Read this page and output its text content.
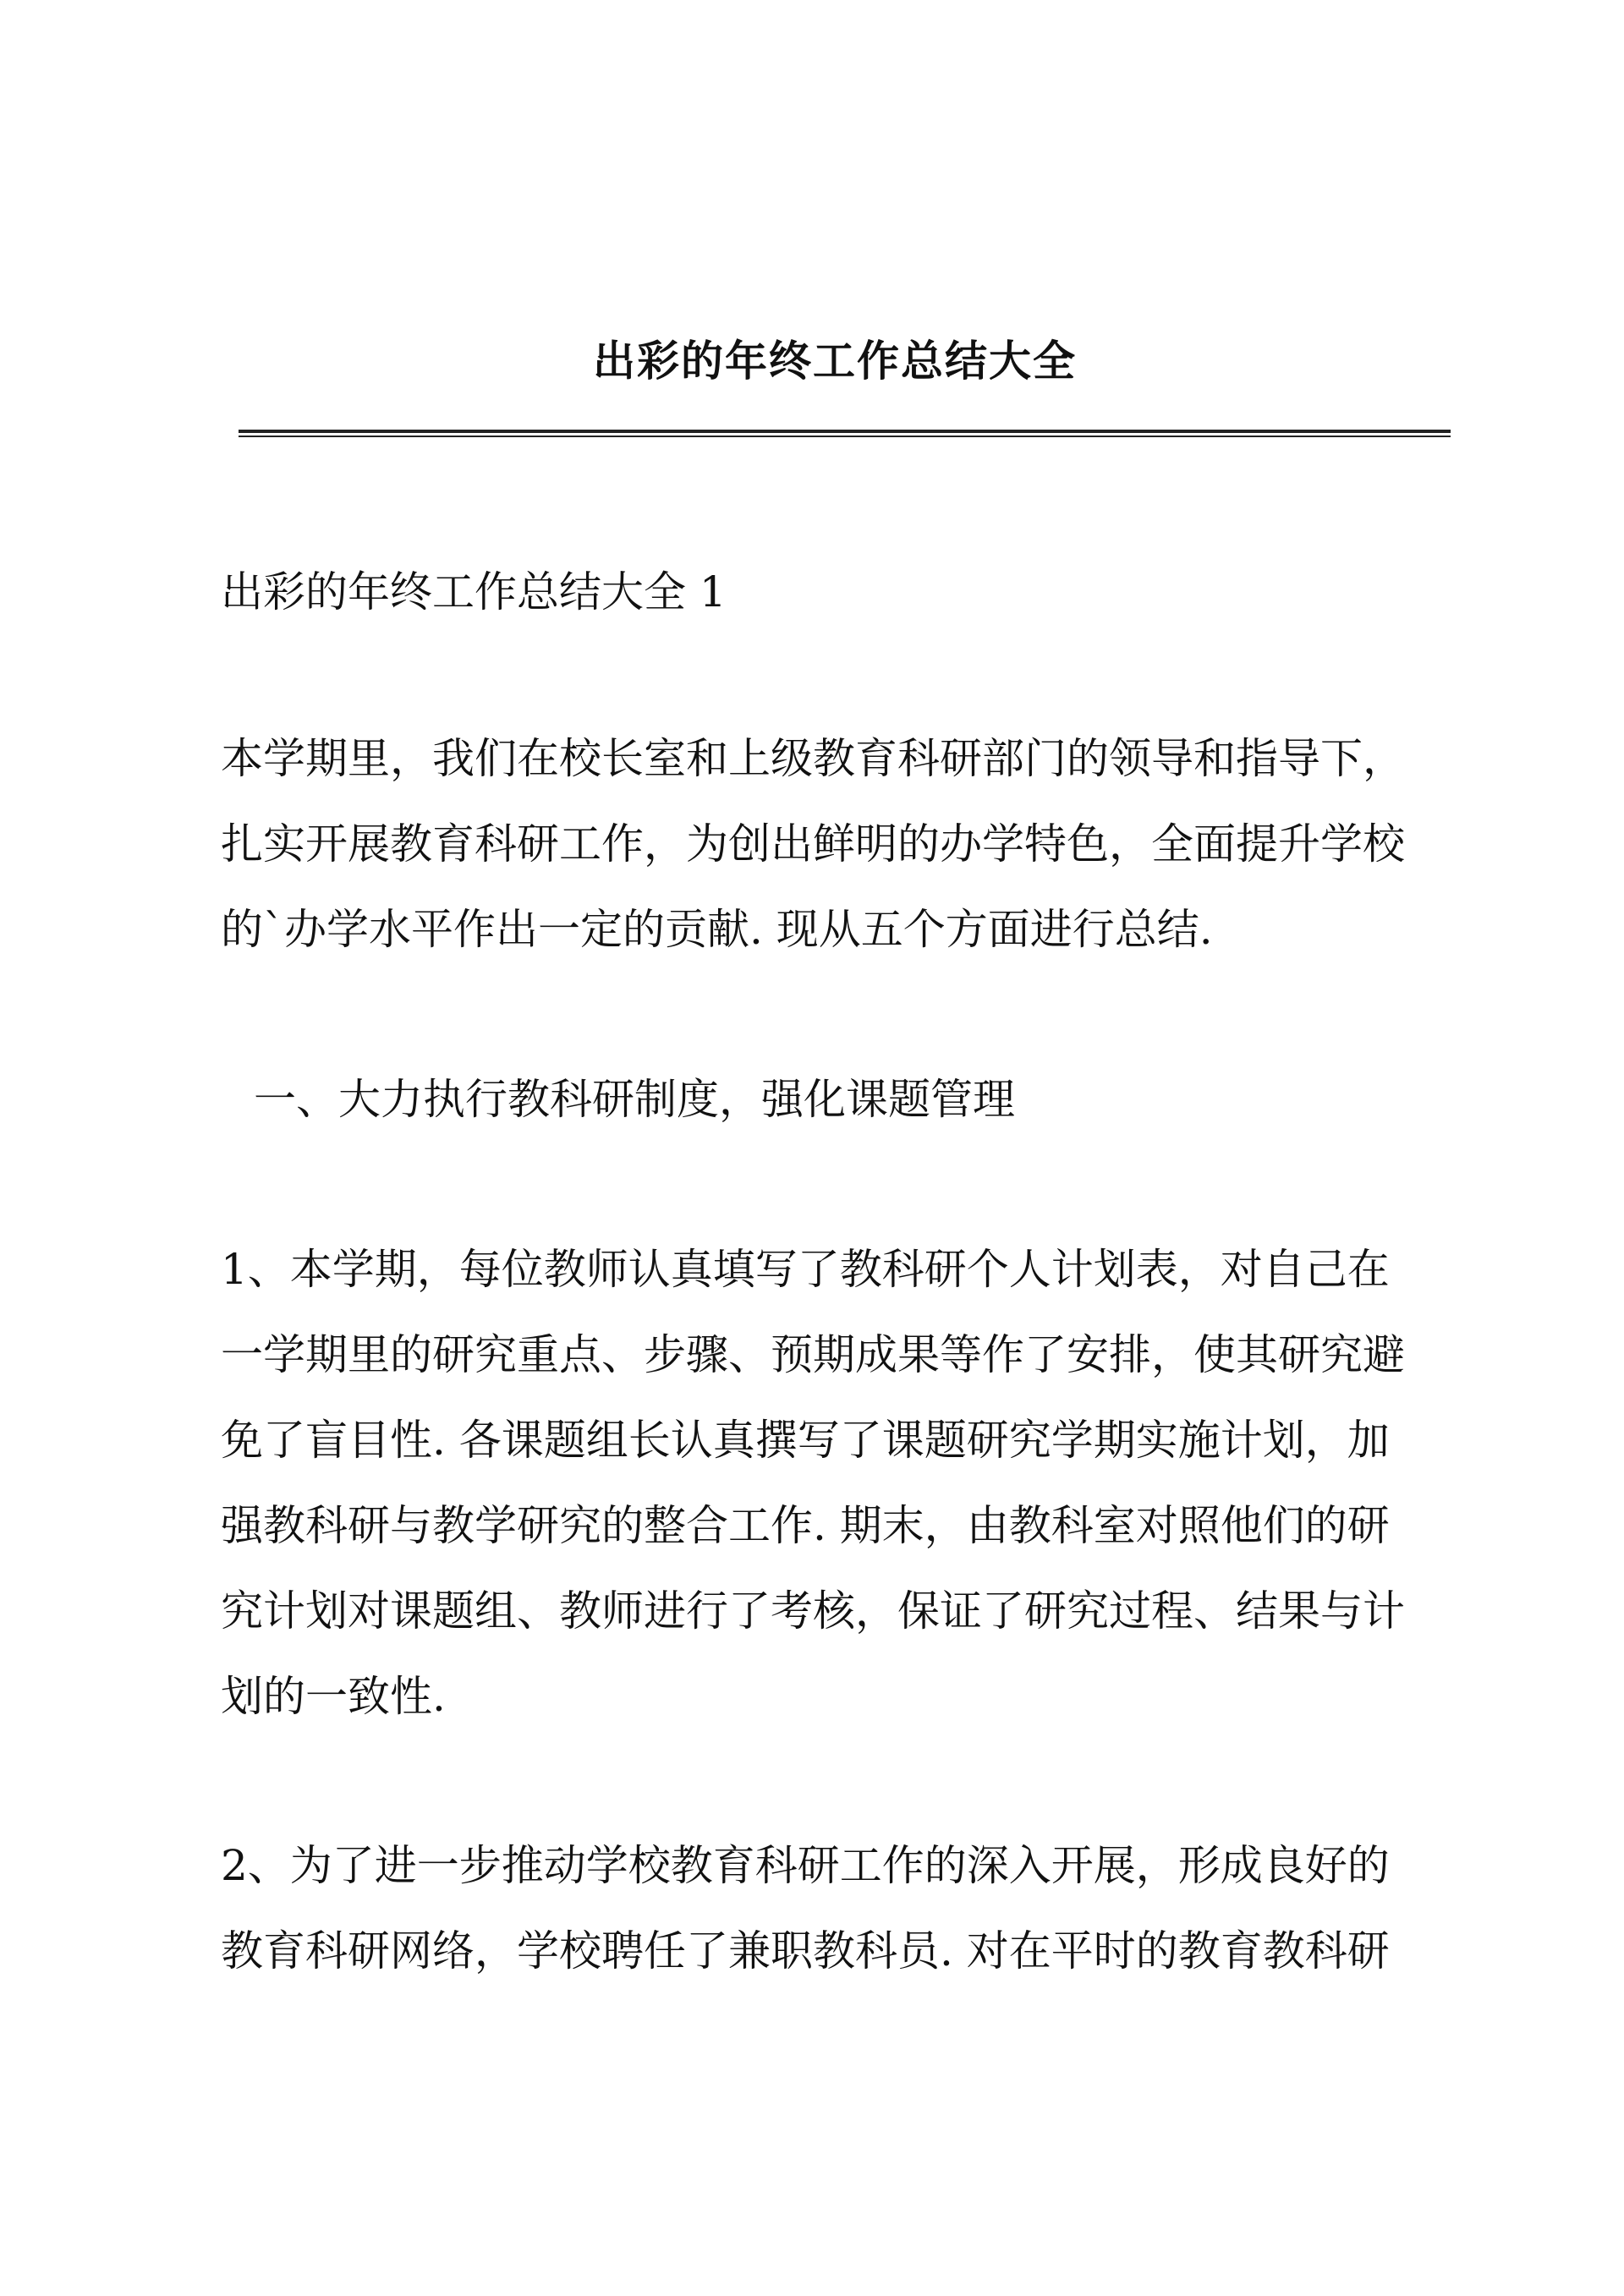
出彩的年终工作总结大全

出彩的年终工作总结大全 1

本学期里，我们在校长室和上级教育科研部门的领导和指导下，

扎实开展教育科研工作，为创出鲜明的办学特色，全面提升学校

的`办学水平作出一定的贡献. 现从五个方面进行总结.

一、大力执行教科研制度，强化课题管理

1、本学期，每位教师认真填写了教科研个人计划表，对自己在

一学期里的研究重点、步骤、预期成果等作了安排，使其研究避

免了盲目性. 各课题组长认真撰写了课题研究学期实施计划，加

强教科研与教学研究的整合工作. 期末，由教科室对照他们的研

究计划对课题组、教师进行了考核，保证了研究过程、结果与计

划的一致性.

2、为了进一步推动学校教育科研工作的深入开展，形成良好的

教育科研网络，学校聘任了兼职教科员. 对在平时的教育教科研
